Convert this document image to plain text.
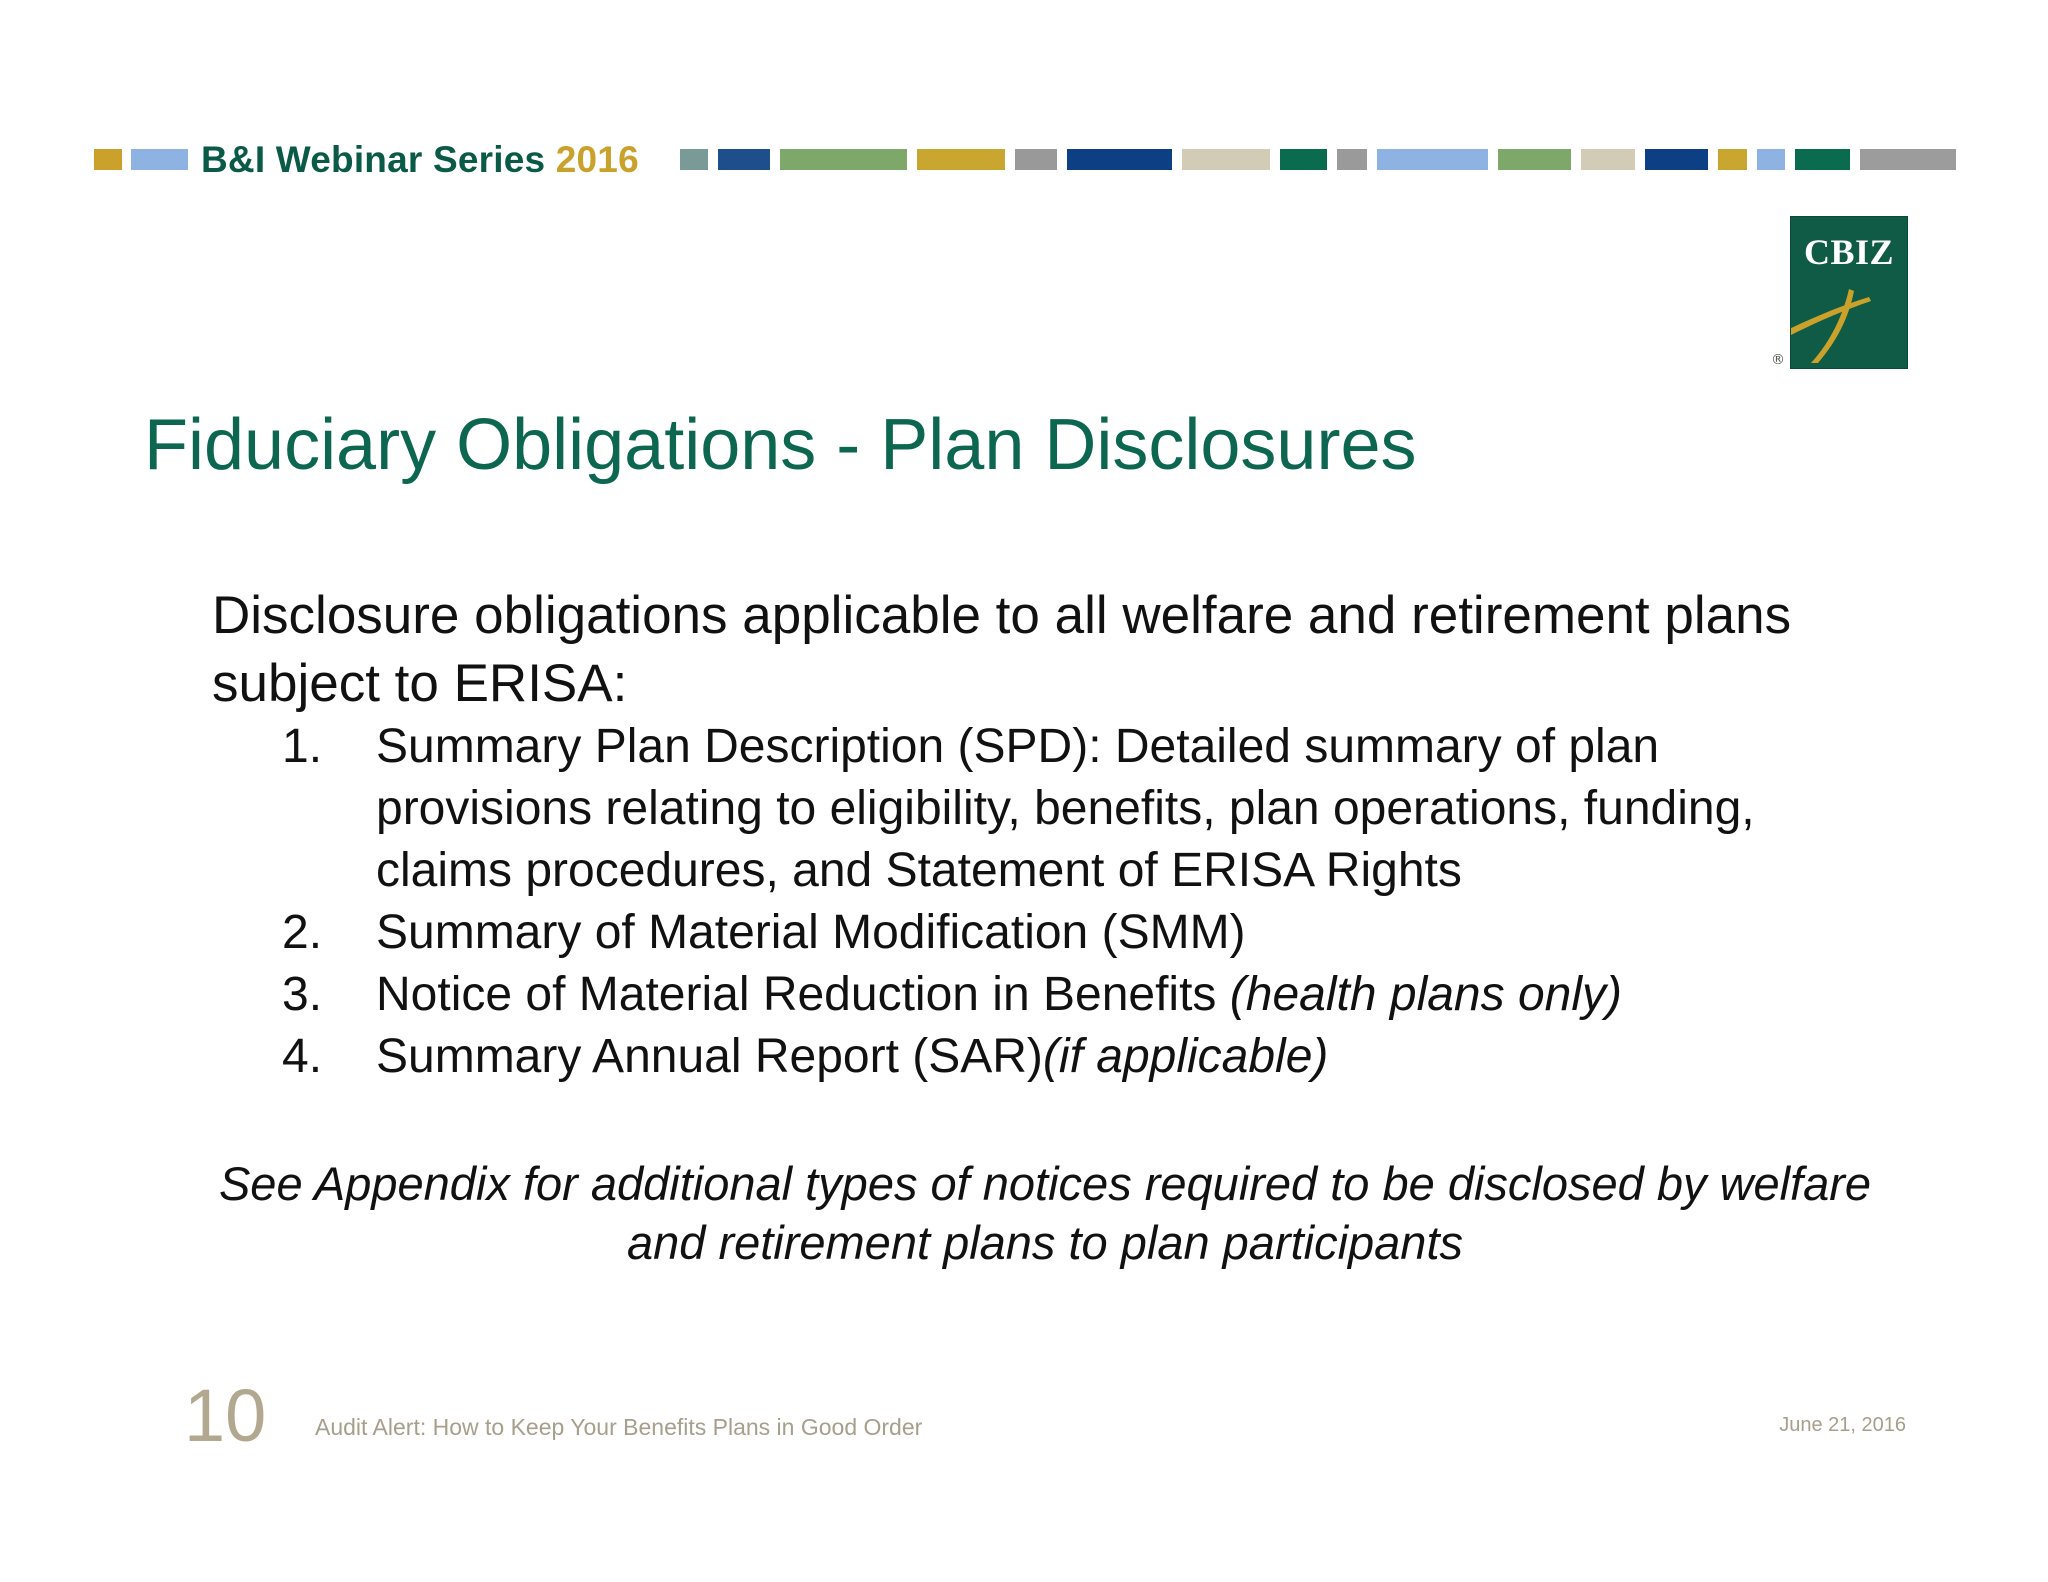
B&I Webinar Series 2016
CBIZ
®
Fiduciary Obligations - Plan Disclosures

Disclosure obligations applicable to all welfare and retirement plans subject to ERISA:

1. Summary Plan Description (SPD): Detailed summary of plan provisions relating to eligibility, benefits, plan operations, funding, claims procedures, and Statement of ERISA Rights
2. Summary of Material Modification (SMM)
3. Notice of Material Reduction in Benefits (health plans only)
4. Summary Annual Report (SAR)(if applicable)
See Appendix for additional types of notices required to be disclosed by welfare and retirement plans to plan participants
10 Audit Alert: How to Keep Your Benefits Plans in Good Order	June 21, 2016
